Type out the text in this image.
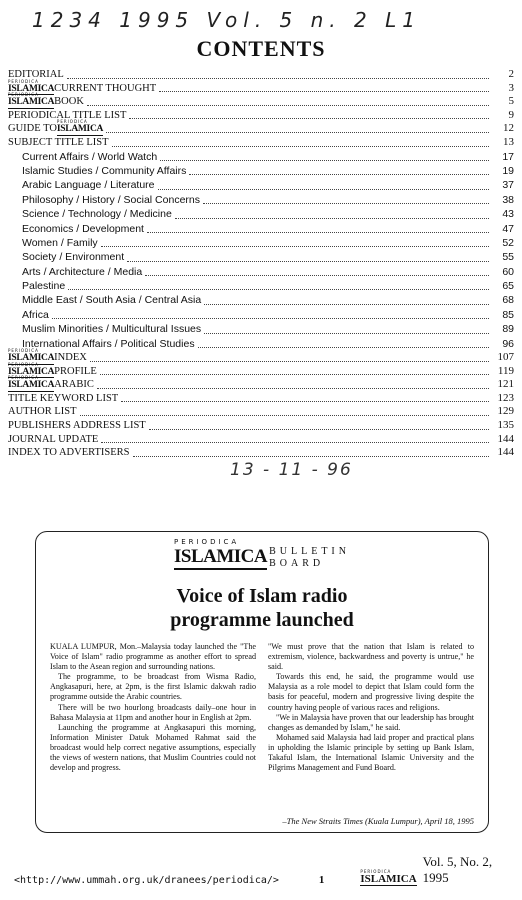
1234 1995 Vol. 5 n. 2 L1
CONTENTS
EDITORIAL	2
PERIODICA
ISLAMICACURRENT THOUGHT	3
PERIODICA
ISLAMICABOOK	5
PERIODICAL TITLE LIST	9
GUIDE TO
PERIODICA
ISLAMICA	12
SUBJECT TITLE LIST	13
Current Affairs / World Watch	17
Islamic Studies / Community Affairs	19
Arabic Language / Literature	37
Philosophy / History / Social Concerns	38
Science / Technology / Medicine	43
Economics / Development	47
Women / Family	52
Society / Environment	55
Arts / Architecture / Media	60
Palestine	65
Middle East / South Asia / Central Asia	68
Africa	85
Muslim Minorities / Multicultural Issues	89
International Affairs / Political Studies	96
PERIODICA
ISLAMICAINDEX	107
PERIODICA
ISLAMICAPROFILE	119
PERIODICA
ISLAMICAARABIC	121
TITLE KEYWORD LIST	123
AUTHOR LIST	129
PUBLISHERS ADDRESS LIST	135
JOURNAL UPDATE	144
INDEX TO ADVERTISERS	144
13 - 11 - 96
PERIODICA
ISLAMICA BULLETIN
BOARD
Voice of Islam radio
programme launched

KUALA LUMPUR, Mon.–Malaysia today launched the "The Voice of Islam" radio programme as another effort to spread Islam to the Asean region and surrounding nations.

The programme, to be broadcast from Wisma Radio, Angkasapuri, here, at 2pm, is the first Islamic dakwah radio programme outside the Arabic countries.

There will be two hourlong broadcasts daily–one hour in Bahasa Malaysia at 11pm and another hour in English at 2pm.

Launching the programme at Angkasapuri this morning, Information Minister Datuk Mohamed Rahmat said the broadcast would help correct negative assumptions, especially the views of western nations, that Muslim Countries could not develop and progress.

"We must prove that the nation that Islam is related to extremism, violence, backwardness and poverty is untrue," he said.

Towards this end, he said, the programme would use Malaysia as a role model to depict that Islam could form the basis for peaceful, modern and progressive living despite the country having people of various races and religions.

"We in Malaysia have proven that our leadership has brought changes as demanded by Islam," he said.

Mohamed said Malaysia had laid proper and practical plans in upholding the Islamic principle by setting up Bank Islam, Takaful Islam, the International Islamic University and the Pilgrims Management and Fund Board.

–The New Straits Times (Kuala Lumpur), April 18, 1995
<http://www.ummah.org.uk/dranees/periodica/>	1
PERIODICA
ISLAMICA
Vol. 5, No. 2, 1995
